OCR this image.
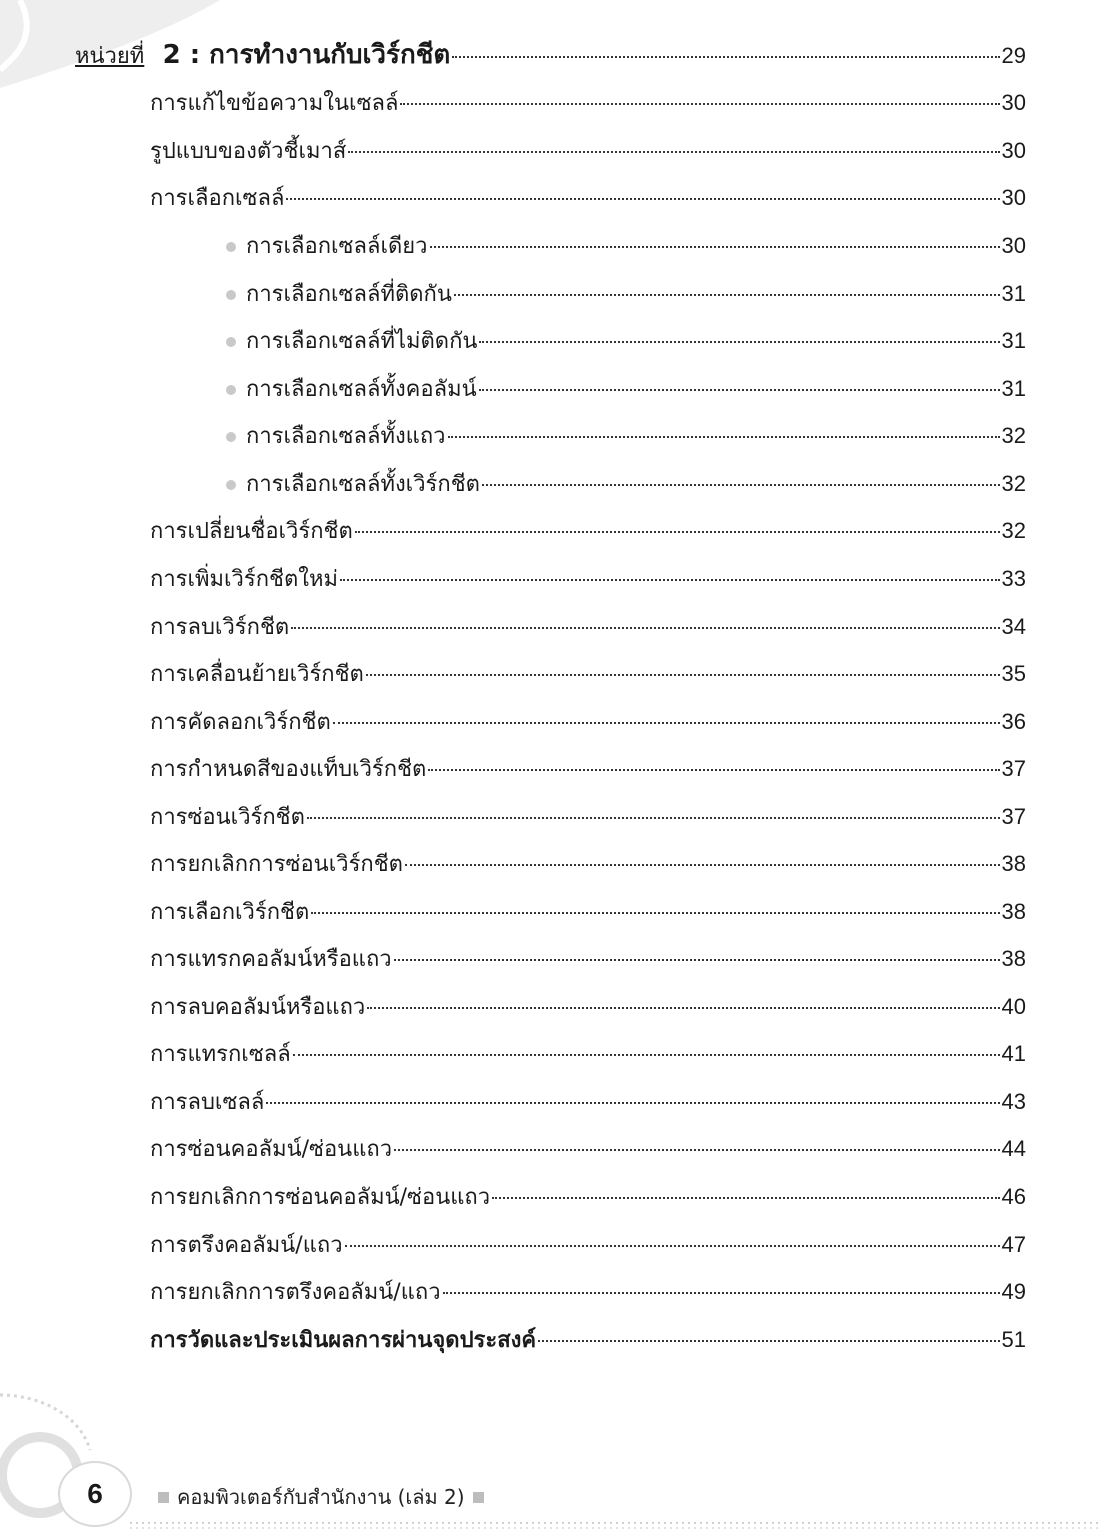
หน่วยที่ 2 : การทำงานกับเวิร์กชีต	29
การแก้ไขข้อความในเซลล์	30
รูปแบบของตัวชี้เมาส์	30
การเลือกเซลล์	30
การเลือกเซลล์เดียว	30
การเลือกเซลล์ที่ติดกัน	31
การเลือกเซลล์ที่ไม่ติดกัน	31
การเลือกเซลล์ทั้งคอลัมน์	31
การเลือกเซลล์ทั้งแถว	32
การเลือกเซลล์ทั้งเวิร์กชีต	32
การเปลี่ยนชื่อเวิร์กชีต	32
การเพิ่มเวิร์กชีตใหม่	33
การลบเวิร์กชีต	34
การเคลื่อนย้ายเวิร์กชีต	35
การคัดลอกเวิร์กชีต	36
การกำหนดสีของแท็บเวิร์กชีต	37
การซ่อนเวิร์กชีต	37
การยกเลิกการซ่อนเวิร์กชีต	38
การเลือกเวิร์กชีต	38
การแทรกคอลัมน์หรือแถว	38
การลบคอลัมน์หรือแถว	40
การแทรกเซลล์	41
การลบเซลล์	43
การซ่อนคอลัมน์/ซ่อนแถว	44
การยกเลิกการซ่อนคอลัมน์/ซ่อนแถว	46
การตรึงคอลัมน์/แถว	47
การยกเลิกการตรึงคอลัมน์/แถว	49
การวัดและประเมินผลการผ่านจุดประสงค์	51
6	คอมพิวเตอร์กับสำนักงาน (เล่ม 2)
